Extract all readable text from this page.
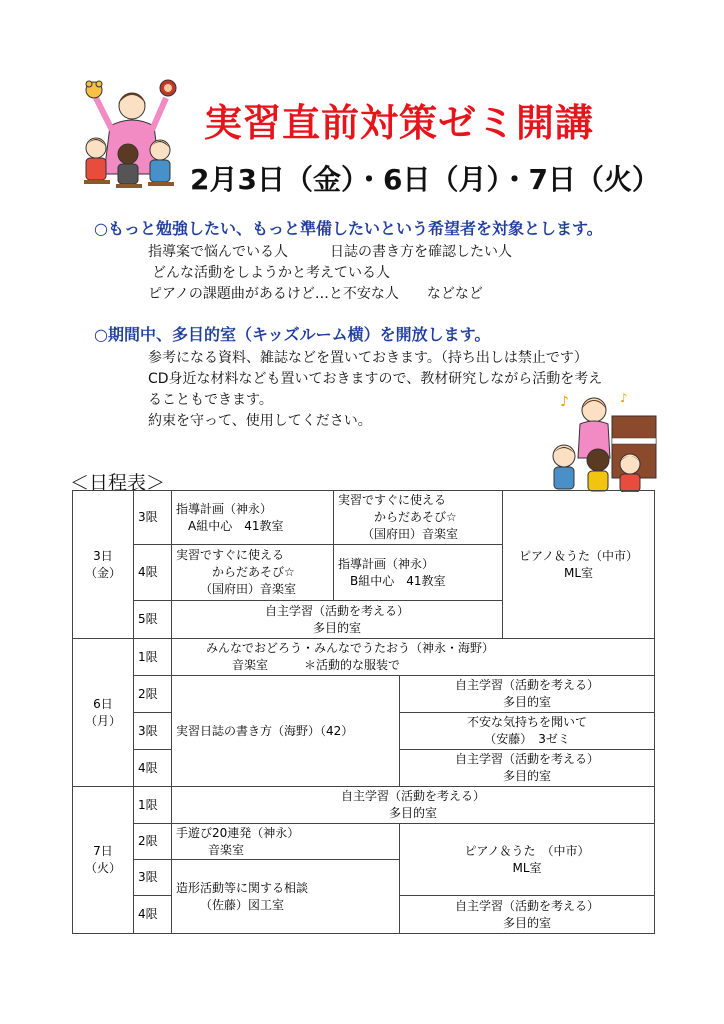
実習直前対策ゼミ開講
2月3日（金）・6日（月）・7日（火）
○もっと勉強したい、もっと準備したいという希望者を対象とします。
指導案で悩んでいる人　　　日誌の書き方を確認したい人
どんな活動をしようかと考えている人
ピアノの課題曲があるけど…と不安な人　　などなど
○期間中、多目的室（キッズルーム横）を開放します。
参考になる資料、雑誌などを置いておきます。（持ち出しは禁止です）
CD身近な材料なども置いておきますので、教材研究しながら活動を考え
ることもできます。
約束を守って、使用してください。
♪	♪
＜日程表＞
3日
（金）	3限	指導計画（神永）
A組中心　41教室	実習ですぐに使える
からだあそび☆
（国府田）音楽室		ピアノ＆うた（中市）
ML室

	4限	実習ですぐに使える
からだあそび☆
（国府田）音楽室	指導計画（神永）
B組中心　41教室		

	5限	自主学習（活動を考える）
多目的室			

6日
（月）	1限	みんなでおどろう・みんなでうたおう（神永・海野）
音楽室　　　＊活動的な服装で			

	2限	実習日誌の書き方（海野）（42）		自主学習（活動を考える）
多目的室	

	3限			不安な気持ちを聞いて
（安藤）　3ゼミ	

	4限			自主学習（活動を考える）
多目的室	

7日
（火）	1限	自主学習（活動を考える）
多目的室			

	2限	手遊び20連発（神永）
音楽室		ピアノ＆うた　（中市）
ML室	

	3限	造形活動等に関する相談
（佐藤）図工室			

	4限			自主学習（活動を考える）
多目的室	
